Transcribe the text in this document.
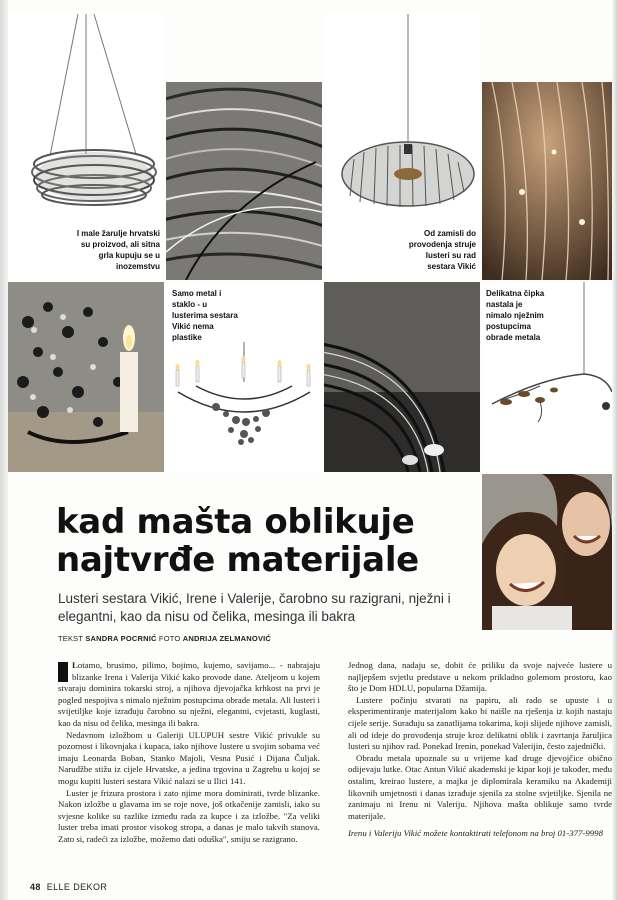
I male žarulje hrvatski su proizvod, ali sitna grla kupuju se u inozemstvu
Od zamisli do provodenja struje lusteri su rad sestara Vikić
Samo metal i staklo - u lusterima sestara Vikić nema plastike
Delikatna čipka nastala je nimalo nježnim postupcima obrade metala
kad mašta oblikuje
najtvrđe materijale
Lusteri sestara Vikić, Irene i Valerije, čarobno su razigrani, nježni i elegantni, kao da nisu od čelika, mesinga ili bakra
TEKST SANDRA POCRNIĆ FOTO ANDRIJA ZELMANOVIĆ

Lotamo, brusimo, pilimo, bojimo, kujemo, savijamo... - nabrajaju blizanke Irena i Valerija Vikić kako provode dane. Ateljeom u kojem stvaraju dominira tokarski stroj, a njihova djevojačka krhkost na prvi je pogled nespojiva s nimalo nježnim postupcima obrade metala. Ali lusteri i svijetiljke koje izrađuju čarobno su nježni, elegantni, cvjetasti, kuglasti, kao da nisu od čelika, mesinga ili bakra.

Nedavnom izložbom u Galeriji ULUPUH sestre Vikić privukle su pozornost i likovnjaka i kupaca, iako njihove lustere u svojim sobama već imaju Leonarda Boban, Stanko Majoli, Vesna Pusić i Dijana Čuljak. Narudžbe stižu iz cijele Hrvatske, a jedina trgovina u Zagrebu u kojoj se mogu kupiti lusteri sestara Vikić nalazi se u Ilici 141.

Luster je frizura prostora i zato njime mora dominirati, tvrde blizanke. Nakon izložbe u glavama im se roje nove, još otkačenije zamisli, iako su svjesne kolike su razlike između rada za kupce i za izložbe. "Za veliki luster treba imati prostor visokog stropa, a danas je malo takvih stanova. Zato si, radeći za izložbe, možemo dati oduška", smiju se razigrano.

Jednog dana, nadaju se, dobit će priliku da svoje najveće lustere u najljepšem svjetlu predstave u nekom prikladno golemom prostoru, kao što je Dom HDLU, popularna Džamija.

Lustere počinju stvarati na papiru, ali rado se upuste i u eksperimentiranje materijalom kako bi naišle na rješenja iz kojih nastaju cijele serije. Surađuju sa zanatlijama tokarima, koji slijede njihove zamisli, ali od ideje do provođenja struje kroz delikatni oblik i zavrtanja žaruljica lusteri su njihov rad. Ponekad Irenin, ponekad Valerijin, često zajednički.

Obradu metala upoznale su u vrijeme kad druge djevojčice obično odijevaju lutke. Otac Antun Vikić akademski je kipar koji je također, među ostalim, kreirao lustere, a majka je diplomirala keramiku na Akademiji likovnih umjetnosti i danas izrađuje sjenila za stolne svjetiljke. Sjenila ne zanimaju ni Irenu ni Valeriju. Njihova mašta oblikuje samo tvrde materijale.

Irenu i Valeriju Vikić možete kontaktirati telefonom na broj 01-377-9998

48 ELLE DEKOR
